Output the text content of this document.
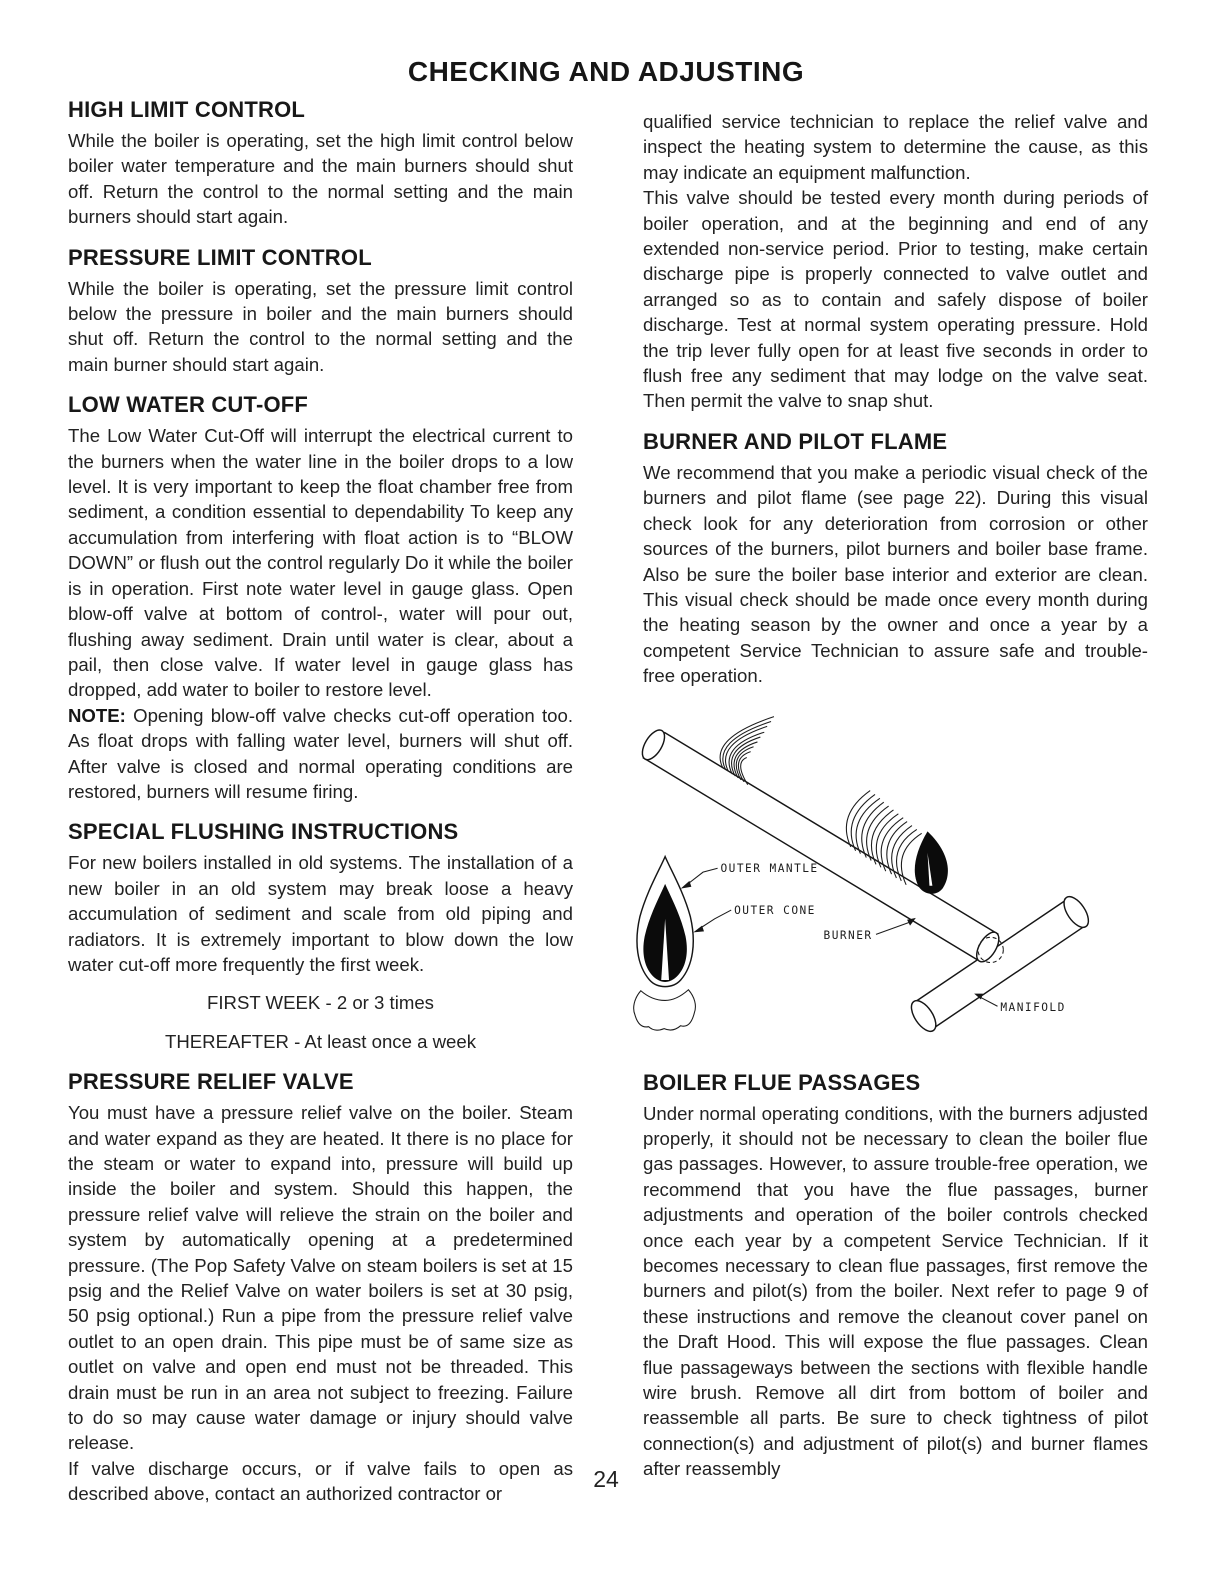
CHECKING AND ADJUSTING
HIGH LIMIT CONTROL

While the boiler is operating, set the high limit control below boiler water temperature and the main burners should shut off. Return the control to the normal setting and the main burners should start again.

PRESSURE LIMIT CONTROL

While the boiler is operating, set the pressure limit control below the pressure in boiler and the main burners should shut off. Return the control to the normal setting and the main burner should start again.

LOW WATER CUT-OFF

The Low Water Cut-Off will interrupt the electrical current to the burners when the water line in the boiler drops to a low level. It is very important to keep the float chamber free from sediment, a condition essential to dependability To keep any accumulation from interfering with float action is to “BLOW DOWN” or flush out the control regularly Do it while the boiler is in operation. First note water level in gauge glass. Open blow-off valve at bottom of control-, water will pour out, flushing away sediment. Drain until water is clear, about a pail, then close valve. If water level in gauge glass has dropped, add water to boiler to restore level.

NOTE: Opening blow-off valve checks cut-off operation too. As float drops with falling water level, burners will shut off. After valve is closed and normal operating conditions are restored, burners will resume firing.

SPECIAL FLUSHING INSTRUCTIONS

For new boilers installed in old systems. The installation of a new boiler in an old system may break loose a heavy accumulation of sediment and scale from old piping and radiators. It is extremely important to blow down the low water cut-off more frequently the first week.

FIRST WEEK - 2 or 3 times

THEREAFTER - At least once a week

PRESSURE RELIEF VALVE

You must have a pressure relief valve on the boiler. Steam and water expand as they are heated. It there is no place for the steam or water to expand into, pressure will build up inside the boiler and system. Should this happen, the pressure relief valve will relieve the strain on the boiler and system by automatically opening at a predetermined pressure. (The Pop Safety Valve on steam boilers is set at 15 psig and the Relief Valve on water boilers is set at 30 psig, 50 psig optional.) Run a pipe from the pressure relief valve outlet to an open drain. This pipe must be of same size as outlet on valve and open end must not be threaded. This drain must be run in an area not subject to freezing. Failure to do so may cause water damage or injury should valve release.

If valve discharge occurs, or if valve fails to open as described above, contact an authorized contractor or

qualified service technician to replace the relief valve and inspect the heating system to determine the cause, as this may indicate an equipment malfunction.

This valve should be tested every month during periods of boiler operation, and at the beginning and end of any extended non-service period. Prior to testing, make certain discharge pipe is properly connected to valve outlet and arranged so as to contain and safely dispose of boiler discharge. Test at normal system operating pressure. Hold the trip lever fully open for at least five seconds in order to flush free any sediment that may lodge on the valve seat. Then permit the valve to snap shut.

BURNER AND PILOT FLAME

We recommend that you make a periodic visual check of the burners and pilot flame (see page 22). During this visual check look for any deterioration from corrosion or other sources of the burners, pilot burners and boiler base frame. Also be sure the boiler base interior and exterior are clean. This visual check should be made once every month during the heating season by the owner and once a year by a competent Service Technician to assure safe and trouble-free operation.

OUTER MANTLE
OUTER CONE
BURNER
MANIFOLD
BOILER FLUE PASSAGES

Under normal operating conditions, with the burners adjusted properly, it should not be necessary to clean the boiler flue gas passages. However, to assure trouble-free operation, we recommend that you have the flue passages, burner adjustments and operation of the boiler controls checked once each year by a competent Service Technician. If it becomes necessary to clean flue passages, first remove the burners and pilot(s) from the boiler. Next refer to page 9 of these instructions and remove the cleanout cover panel on the Draft Hood. This will expose the flue passages. Clean flue passageways between the sections with flexible handle wire brush. Remove all dirt from bottom of boiler and reassemble all parts. Be sure to check tightness of pilot connection(s) and adjustment of pilot(s) and burner flames after reassembly

24
